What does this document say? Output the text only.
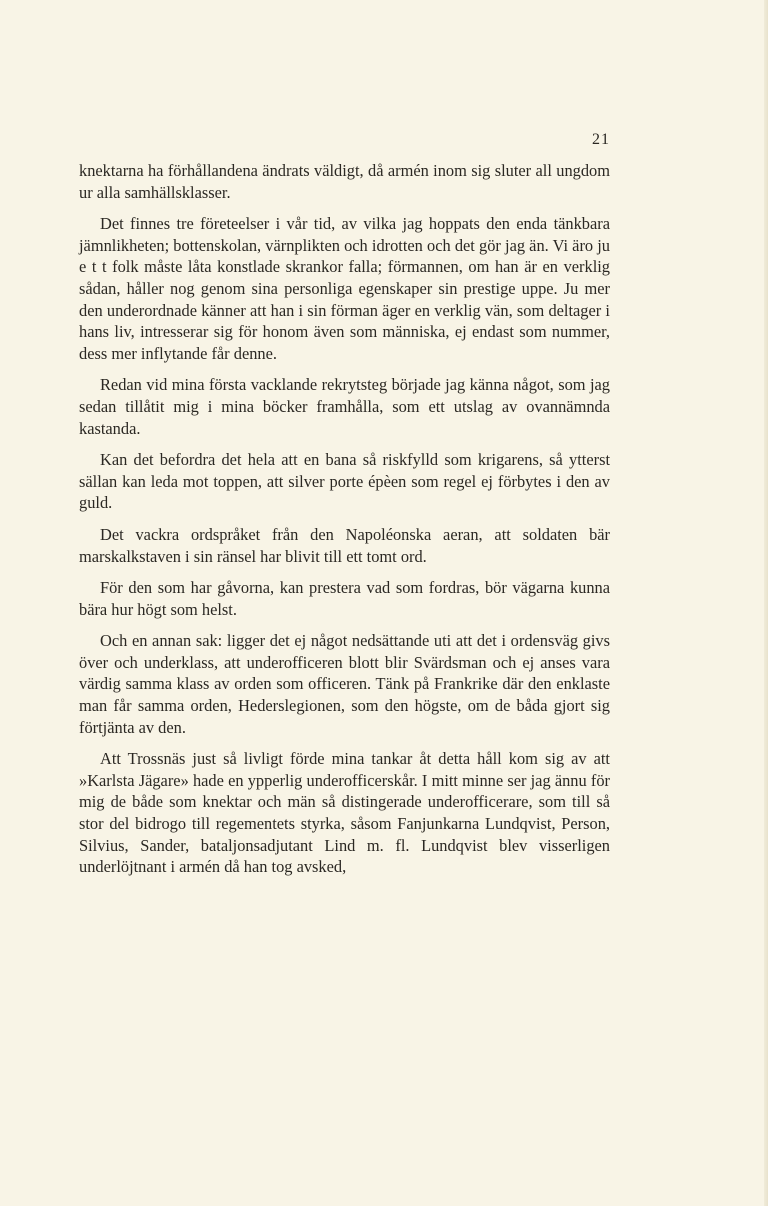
21

knektarna ha förhållandena ändrats väldigt, då armén inom sig sluter all ungdom ur alla samhällsklasser.

Det finnes tre företeelser i vår tid, av vilka jag hoppats den enda tänkbara jämnlikheten; bottenskolan, värnplikten och idrotten och det gör jag än. Vi äro ju e t t folk måste låta konstlade skrankor falla; förmannen, om han är en verklig sådan, håller nog genom sina personliga egenskaper sin prestige uppe. Ju mer den underordnade känner att han i sin förman äger en verklig vän, som deltager i hans liv, intresserar sig för honom även som människa, ej endast som nummer, dess mer inflytande får denne.

Redan vid mina första vacklande rekrytsteg började jag känna något, som jag sedan tillåtit mig i mina böcker framhålla, som ett utslag av ovannämnda kastanda.

Kan det befordra det hela att en bana så riskfylld som krigarens, så ytterst sällan kan leda mot toppen, att silver porte épèen som regel ej förbytes i den av guld.

Det vackra ordspråket från den Napoléonska aeran, att soldaten bär marskalkstaven i sin ränsel har blivit till ett tomt ord.

För den som har gåvorna, kan prestera vad som fordras, bör vägarna kunna bära hur högt som helst.

Och en annan sak: ligger det ej något nedsättande uti att det i ordensväg givs över och underklass, att underofficeren blott blir Svärdsman och ej anses vara värdig samma klass av orden som officeren. Tänk på Frankrike där den enklaste man får samma orden, Hederslegionen, som den högste, om de båda gjort sig förtjänta av den.

Att Trossnäs just så livligt förde mina tankar åt detta håll kom sig av att »Karlsta Jägare» hade en ypperlig underofficerskår. I mitt minne ser jag ännu för mig de både som knektar och män så distingerade underofficerare, som till så stor del bidrogo till regementets styrka, såsom Fanjunkarna Lundqvist, Person, Silvius, Sander, bataljonsadjutant Lind m. fl. Lundqvist blev visserligen underlöjtnant i armén då han tog avsked,
